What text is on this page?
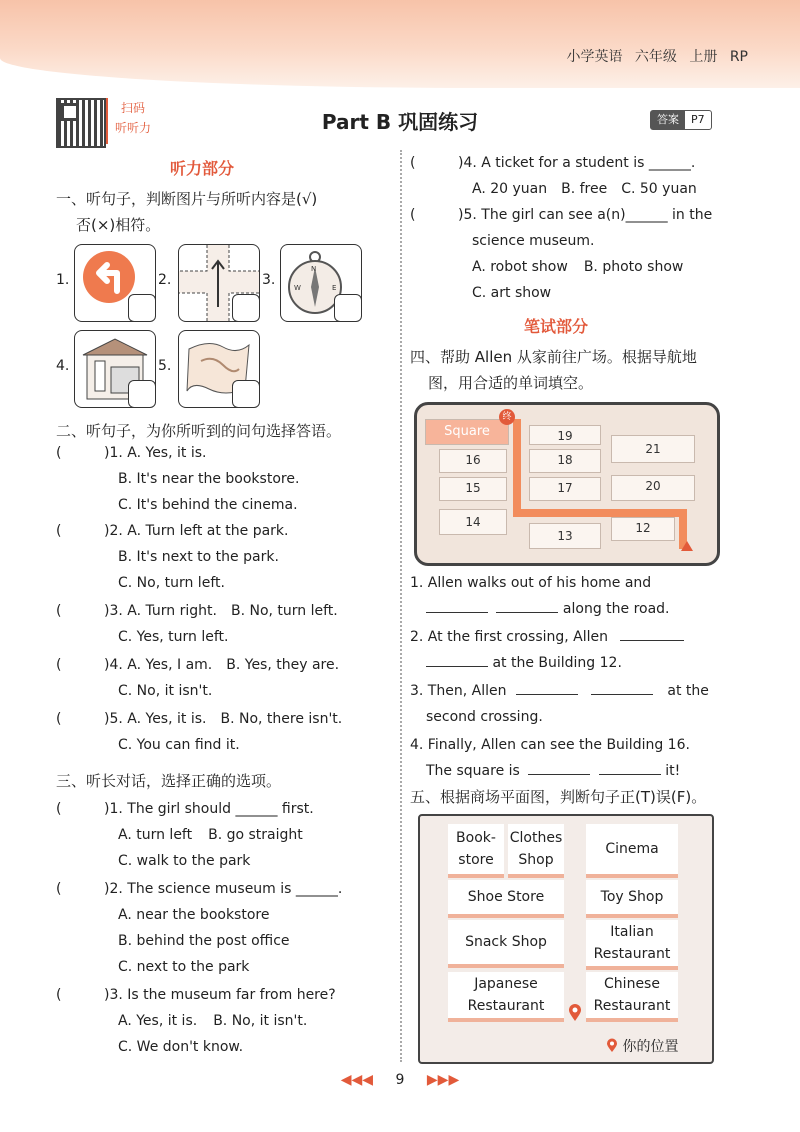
小学英语 六年级 上册 RP
扫码
听听力	Part B 巩固练习	答案	P7
听力部分
一、听句子，判断图片与所听内容是(√)
否(×)相符。
1.	2.	3.
N
W	E
4.	5.
二、听句子，为你所听到的问句选择答语。
(	)1. A. Yes, it is.
B. It's near the bookstore.
C. It's behind the cinema.
(	)2. A. Turn left at the park.
B. It's next to the park.
C. No, turn left.
(	)3. A. Turn right. B. No, turn left.
C. Yes, turn left.
(	)4. A. Yes, I am. B. Yes, they are.
C. No, it isn't.
(	)5. A. Yes, it is. B. No, there isn't.
C. You can find it.
三、听长对话，选择正确的选项。
(	)1. The girl should ______ first.
A. turn left B. go straight
C. walk to the park
(	)2. The science museum is ______.
A. near the bookstore
B. behind the post office
C. next to the park
(	)3. Is the museum far from here?
A. Yes, it is. B. No, it isn't.
C. We don't know.
(	)4. A ticket for a student is ______.
A. 20 yuan B. free C. 50 yuan
(	)5. The girl can see a(n)______ in the
science museum.
A. robot show B. photo show
C. art show
笔试部分
四、帮助 Allen 从家前往广场。根据导航地
图，用合适的单词填空。
Square
终
19
21
16	18
15	17	20
14
13
12
1. Allen walks out of his home and
along the road.
2. At the first crossing, Allen
at the Building 12.
3. Then, Allen	at the
second crossing.
4. Finally, Allen can see the Building 16.
The square is	it!
五、根据商场平面图，判断句子正(T)误(F)。
Book-
store
Clothes
Shop
Cinema
Shoe Store	Toy Shop
Snack Shop
Italian
Restaurant
Japanese
Restaurant
Chinese
Restaurant
你的位置
◀◀◀ 9 ▶▶▶
